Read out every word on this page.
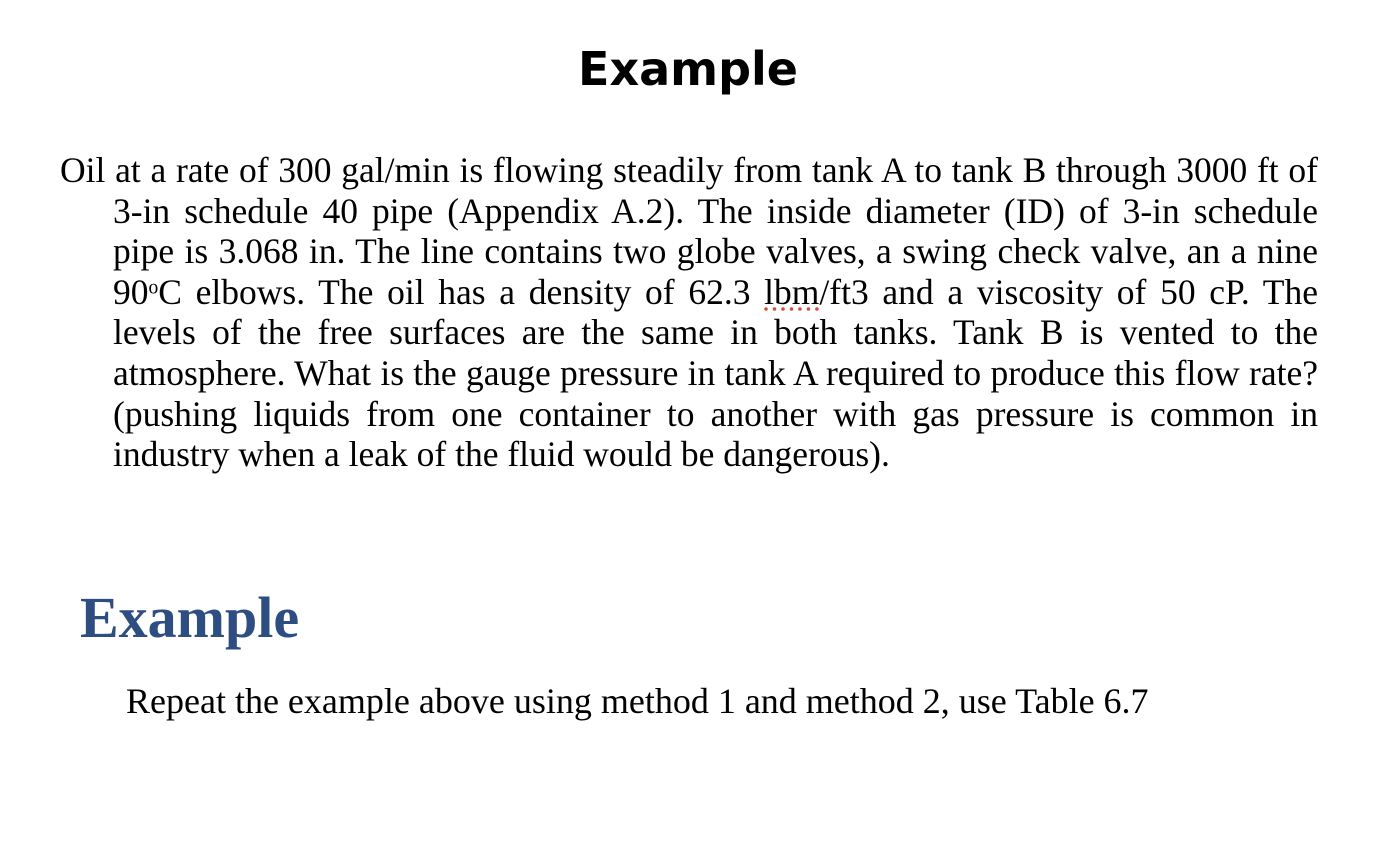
Example

Oil at a rate of 300 gal/min is flowing steadily from tank A to tank B through 3000 ft of 3-in schedule 40 pipe (Appendix A.2). The inside diameter (ID) of 3-in schedule pipe is 3.068 in. The line contains two globe valves, a swing check valve, an a nine 90$^o$C elbows. The oil has a density of 62.3 lbm/ft3 and a viscosity of 50 cP. The levels of the free surfaces are the same in both tanks. Tank B is vented to the atmosphere. What is the gauge pressure in tank A required to produce this flow rate? (pushing liquids from one container to another with gas pressure is common in industry when a leak of the fluid would be dangerous).

Example

Repeat the example above using method 1 and method 2, use Table 6.7
